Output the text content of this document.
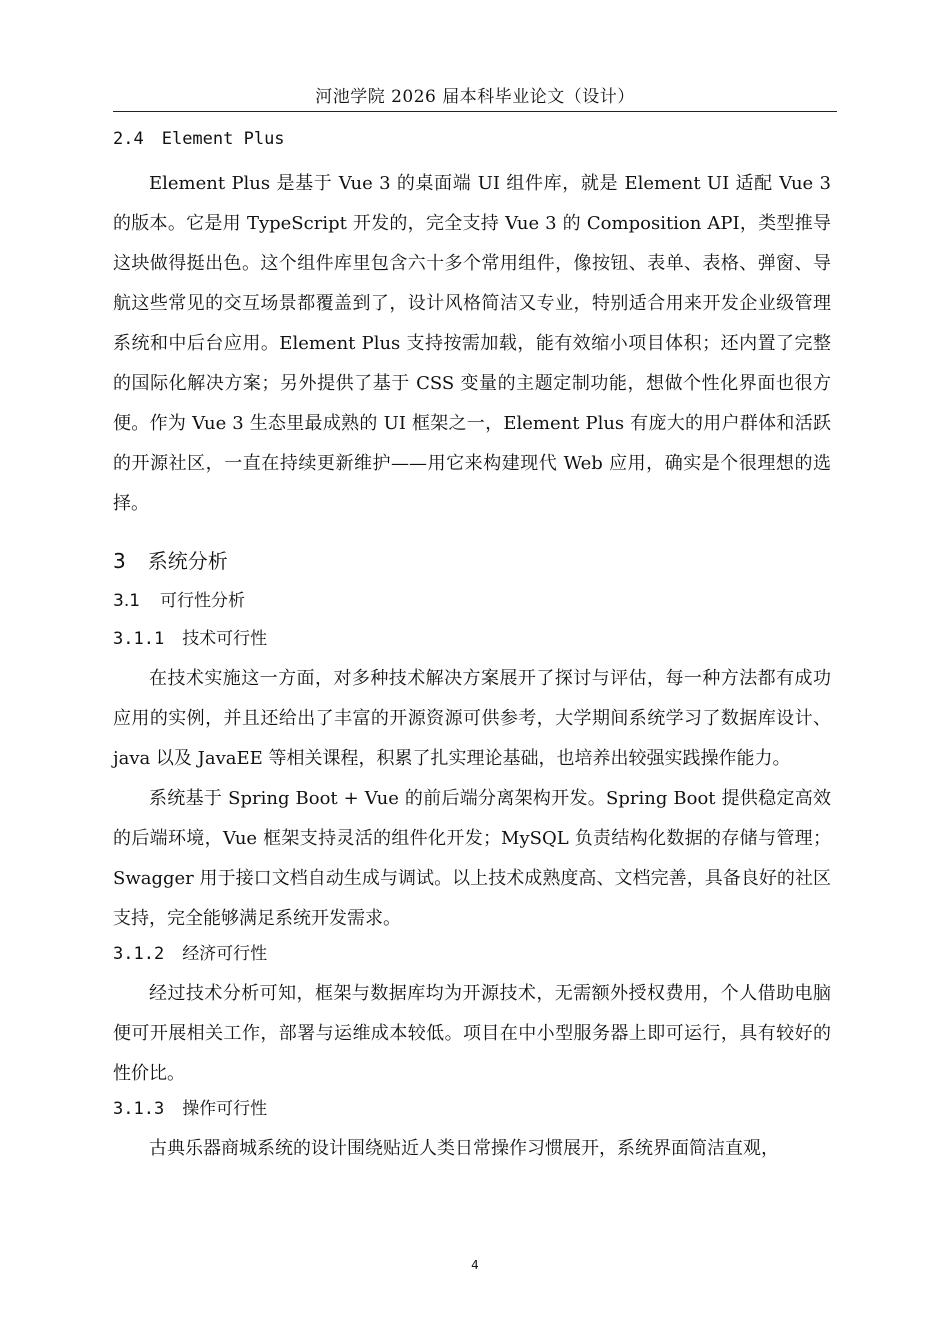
河池学院 2026 届本科毕业论文（设计）
2.4 Element Plus

Element Plus 是基于 Vue 3 的桌面端 UI 组件库，就是 Element UI 适配 Vue 3 的版本。它是用 TypeScript 开发的，完全支持 Vue 3 的 Composition API，类型推导这块做得挺出色。这个组件库里包含六十多个常用组件，像按钮、表单、表格、弹窗、导航这些常见的交互场景都覆盖到了，设计风格简洁又专业，特别适合用来开发企业级管理系统和中后台应用。Element Plus 支持按需加载，能有效缩小项目体积；还内置了完整的国际化解决方案；另外提供了基于 CSS 变量的主题定制功能，想做个性化界面也很方便。作为 Vue 3 生态里最成熟的 UI 框架之一，Element Plus 有庞大的用户群体和活跃的开源社区，一直在持续更新维护——用它来构建现代 Web 应用，确实是个很理想的选择。

3 系统分析
3.1 可行性分析
3.1.1 技术可行性

在技术实施这一方面，对多种技术解决方案展开了探讨与评估，每一种方法都有成功应用的实例，并且还给出了丰富的开源资源可供参考，大学期间系统学习了数据库设计、java 以及 JavaEE 等相关课程，积累了扎实理论基础，也培养出较强实践操作能力。

系统基于 Spring Boot + Vue 的前后端分离架构开发。Spring Boot 提供稳定高效的后端环境，Vue 框架支持灵活的组件化开发；MySQL 负责结构化数据的存储与管理；Swagger 用于接口文档自动生成与调试。以上技术成熟度高、文档完善，具备良好的社区支持，完全能够满足系统开发需求。

3.1.2 经济可行性

经过技术分析可知，框架与数据库均为开源技术，无需额外授权费用，个人借助电脑便可开展相关工作，部署与运维成本较低。项目在中小型服务器上即可运行，具有较好的性价比。

3.1.3 操作可行性

古典乐器商城系统的设计围绕贴近人类日常操作习惯展开，系统界面简洁直观，

4
